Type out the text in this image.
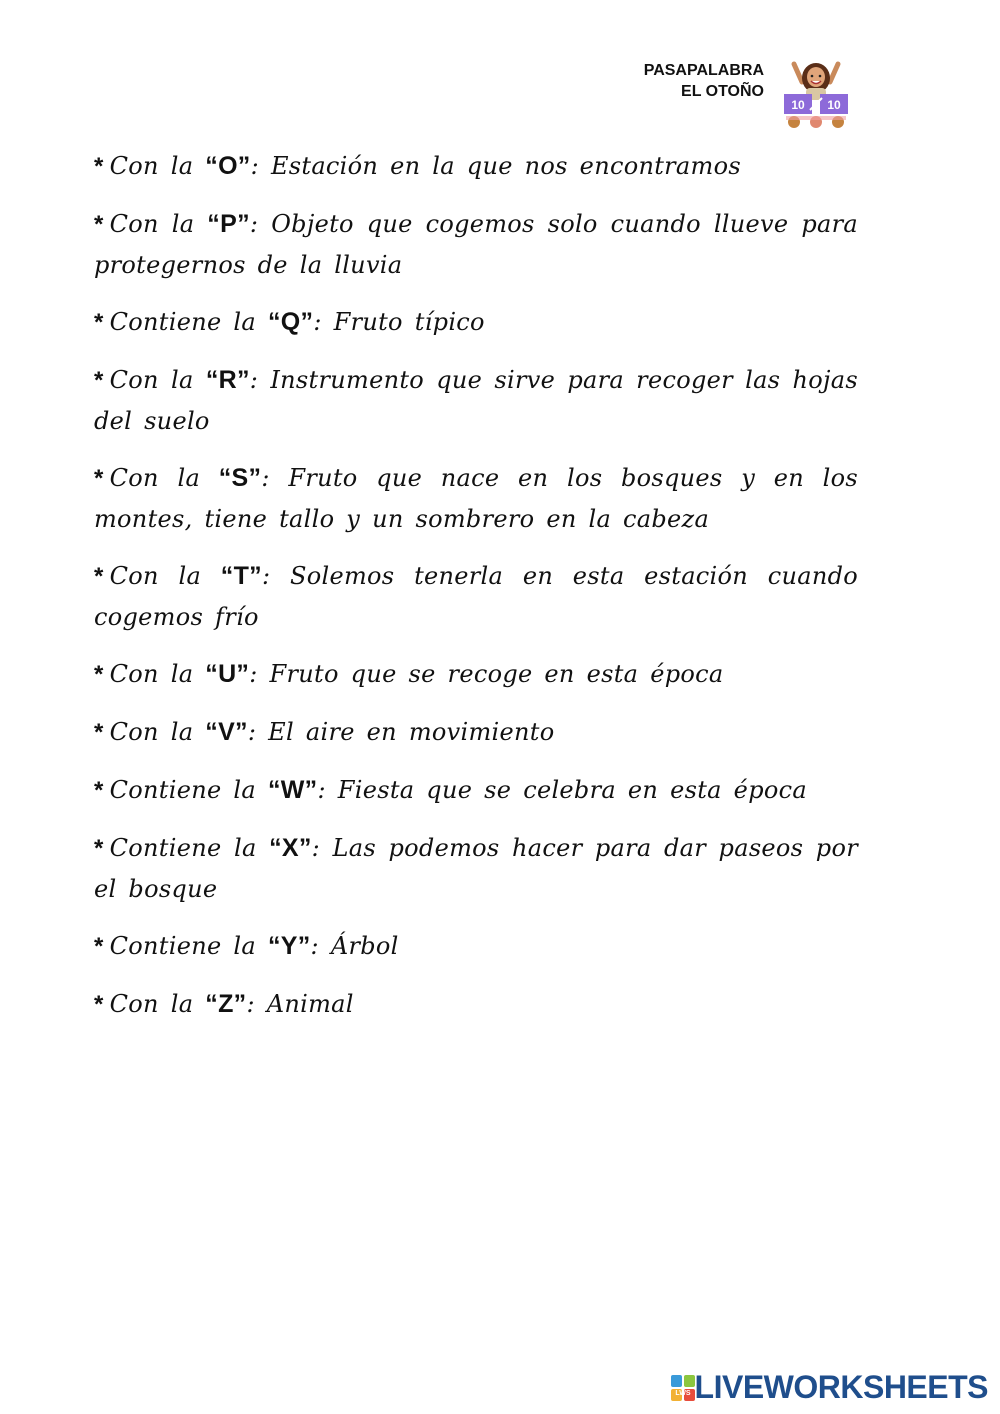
PASAPALABRA
EL OTOÑO
10 10

* Con la “O”: Estación en la que nos encontramos

* Con la “P”: Objeto que cogemos solo cuando llueve para protegernos de la lluvia

* Contiene la “Q”: Fruto típico

* Con la “R”: Instrumento que sirve para recoger las hojas del suelo

* Con la “S”: Fruto que nace en los bosques y en los montes, tiene tallo y un sombrero en la cabeza

* Con la “T”: Solemos tenerla en esta estación cuando cogemos frío

* Con la “U”: Fruto que se recoge en esta época

* Con la “V”: El aire en movimiento

* Contiene la “W”: Fiesta que se celebra en esta época

* Contiene la “X”: Las podemos hacer para dar paseos por el bosque

* Contiene la “Y”: Árbol

* Con la “Z”: Animal

LWS LIVEWORKSHEETS
